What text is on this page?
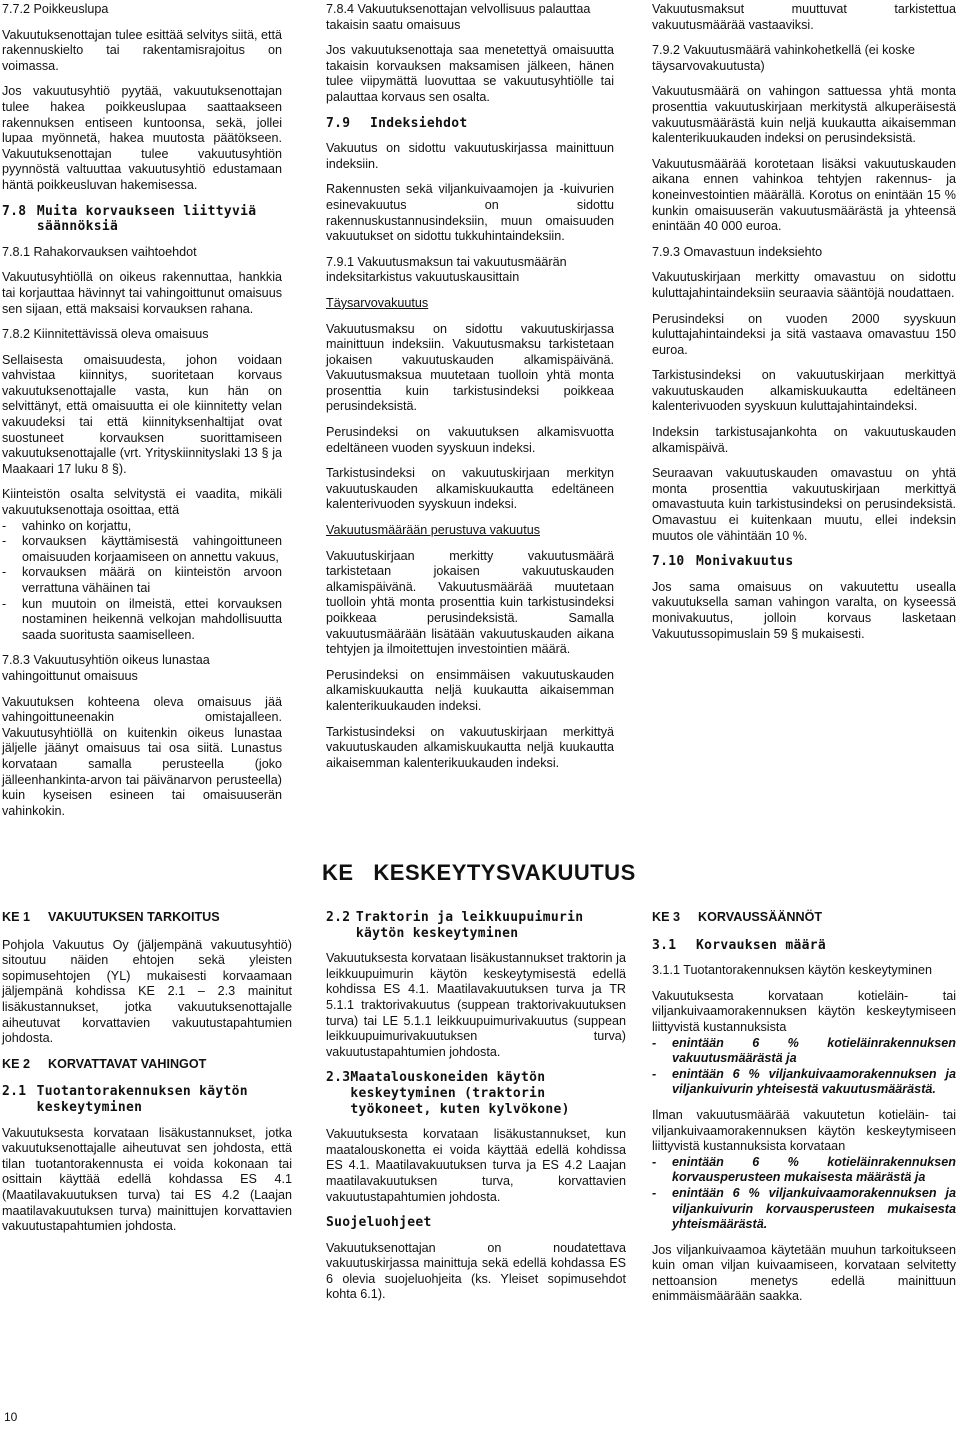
7.7.2 Poikkeuslupa

Vakuutuksenottajan tulee esittää selvitys siitä, että rakennuskielto tai rakentamisrajoitus on voimassa.

Jos vakuutusyhtiö pyytää, vakuutuksenottajan tulee hakea poikkeuslupaa saattaakseen rakennuksen entiseen kuntoonsa, sekä, jollei lupaa myönnetä, hakea muutosta päätökseen. Vakuutuksenottajan tulee vakuutusyhtiön pyynnöstä valtuuttaa vakuutusyhtiö edustamaan häntä poikkeusluvan hakemisessa.

7.8 Muita korvaukseen liittyviä säännöksiä
7.8.1 Rahakorvauksen vaihtoehdot

Vakuutusyhtiöllä on oikeus rakennuttaa, hankkia tai korjauttaa hävinnyt tai vahingoittunut omaisuus sen sijaan, että maksaisi korvauksen rahana.

7.8.2 Kiinnitettävissä oleva omaisuus

Sellaisesta omaisuudesta, johon voidaan vahvistaa kiinnitys, suoritetaan korvaus vakuutuksenottajalle vasta, kun hän on selvittänyt, että omaisuutta ei ole kiinnitetty velan vakuudeksi tai että kiinnityksenhaltijat ovat suostuneet korvauksen suorittamiseen vakuutuksenottajalle (vrt. Yrityskiinnityslaki 13 § ja Maakaari 17 luku 8 §).

Kiinteistön osalta selvitystä ei vaadita, mikäli vakuutuksenottaja osoittaa, että

- vahinko on korjattu,
- korvauksen käyttämisestä vahingoittuneen omaisuuden korjaamiseen on annettu vakuus,
- korvauksen määrä on kiinteistön arvoon verrattuna vähäinen tai
- kun muutoin on ilmeistä, ettei korvauksen nostaminen heikennä velkojan mahdollisuutta saada suoritusta saamiselleen.
7.8.3 Vakuutusyhtiön oikeus lunastaa vahingoittunut omaisuus

Vakuutuksen kohteena oleva omaisuus jää vahingoittuneenakin omistajalleen. Vakuutusyhtiöllä on kuitenkin oikeus lunastaa jäljelle jäänyt omaisuus tai osa siitä. Lunastus korvataan samalla perusteella (joko jälleenhankinta-arvon tai päivänarvon perusteella) kuin kyseisen esineen tai omaisuuserän vahinkokin.

7.8.4 Vakuutuksenottajan velvollisuus palauttaa takaisin saatu omaisuus

Jos vakuutuksenottaja saa menetettyä omaisuutta takaisin korvauksen maksamisen jälkeen, hänen tulee viipymättä luovuttaa se vakuutusyhtiölle tai palauttaa korvaus sen osalta.

7.9	Indeksiehdot

Vakuutus on sidottu vakuutuskirjassa mainittuun indeksiin.

Rakennusten sekä viljankuivaamojen ja -kuivurien esinevakuutus on sidottu rakennuskustannusindeksiin, muun omaisuuden vakuutukset on sidottu tukkuhintaindeksiin.

7.9.1 Vakuutusmaksun tai vakuutusmäärän indeksitarkistus vakuutuskausittain
Täysarvovakuutus

Vakuutusmaksu on sidottu vakuutuskirjassa mainittuun indeksiin. Vakuutusmaksu tarkistetaan jokaisen vakuutuskauden alkamispäivänä. Vakuutusmaksua muutetaan tuolloin yhtä monta prosenttia kuin tarkistusindeksi poikkeaa perusindeksistä.

Perusindeksi on vakuutuksen alkamisvuotta edeltäneen vuoden syyskuun indeksi.

Tarkistusindeksi on vakuutuskirjaan merkityn vakuutuskauden alkamiskuukautta edeltäneen kalenterivuoden syyskuun indeksi.

Vakuutusmäärään perustuva vakuutus

Vakuutuskirjaan merkitty vakuutusmäärä tarkistetaan jokaisen vakuutuskauden alkamispäivänä. Vakuutusmäärää muutetaan tuolloin yhtä monta prosenttia kuin tarkistusindeksi poikkeaa perusindeksistä. Samalla vakuutusmäärään lisätään vakuutuskauden aikana tehtyjen ja ilmoitettujen investointien määrä.

Perusindeksi on ensimmäisen vakuutuskauden alkamiskuukautta neljä kuukautta aikaisemman kalenterikuukauden indeksi.

Tarkistusindeksi on vakuutuskirjaan merkittyä vakuutuskauden alkamiskuukautta neljä kuukautta aikaisemman kalenterikuukauden indeksi.

Vakuutusmaksut muuttuvat tarkistettua vakuutusmäärää vastaaviksi.

7.9.2 Vakuutusmäärä vahinkohetkellä (ei koske täysarvovakuutusta)

Vakuutusmäärä on vahingon sattuessa yhtä monta prosenttia vakuutuskirjaan merkitystä alkuperäisestä vakuutusmäärästä kuin neljä kuukautta aikaisemman kalenterikuukauden indeksi on perusindeksistä.

Vakuutusmäärää korotetaan lisäksi vakuutuskauden aikana ennen vahinkoa tehtyjen rakennus- ja koneinvestointien määrällä. Korotus on enintään 15 % kunkin omaisuuserän vakuutusmäärästä ja yhteensä enintään 40 000 euroa.

7.9.3 Omavastuun indeksiehto

Vakuutuskirjaan merkitty omavastuu on sidottu kuluttajahintaindeksiin seuraavia sääntöjä noudattaen.

Perusindeksi on vuoden 2000 syyskuun kuluttajahintaindeksi ja sitä vastaava omavastuu 150 euroa.

Tarkistusindeksi on vakuutuskirjaan merkittyä vakuutuskauden alkamiskuukautta edeltäneen kalenterivuoden syyskuun kuluttajahintaindeksi.

Indeksin tarkistusajankohta on vakuutuskauden alkamispäivä.

Seuraavan vakuutuskauden omavastuu on yhtä monta prosenttia vakuutuskirjaan merkittyä omavastuuta kuin tarkistusindeksi on perusindeksistä. Omavastuu ei kuitenkaan muutu, ellei indeksin muutos ole vähintään 10 %.

7.10 Monivakuutus

Jos sama omaisuus on vakuutettu usealla vakuutuksella saman vahingon varalta, on kyseessä monivakuutus, jolloin korvaus lasketaan Vakuutussopimuslain 59 § mukaisesti.

KE   KESKEYTYSVAKUUTUS
KE 1	VAKUUTUKSEN TARKOITUS

Pohjola Vakuutus Oy (jäljempänä vakuutusyhtiö) sitoutuu näiden ehtojen sekä yleisten sopimusehtojen (YL) mukaisesti korvaamaan jäljempänä kohdissa KE 2.1 – 2.3 mainitut lisäkustannukset, jotka vakuutuksenottajalle aiheutuvat korvattavien vakuutustapahtumien johdosta.

KE 2	KORVATTAVAT VAHINGOT
2.1 Tuotantorakennuksen käytön keskeytyminen

Vakuutuksesta korvataan lisäkustannukset, jotka vakuutuksenottajalle aiheutuvat sen johdosta, että tilan tuotantorakennusta ei voida kokonaan tai osittain käyttää edellä kohdassa ES 4.1 (Maatilavakuutuksen turva) tai ES 4.2 (Laajan maatilavakuutuksen turva) mainittujen korvattavien vakuutustapahtumien johdosta.

2.2 Traktorin ja leikkuupuimurin käytön keskeytyminen

Vakuutuksesta korvataan lisäkustannukset traktorin ja leikkuupuimurin käytön keskeytymisestä edellä kohdissa ES 4.1. Maatilavakuutuksen turva ja TR 5.1.1 traktorivakuutus (suppean traktorivakuutuksen turva) tai LE 5.1.1 leikkuupuimurivakuutus (suppean leikkuupuimurivakuutuksen turva) vakuutustapahtumien johdosta.

2.3 Maatalouskoneiden käytön keskeytyminen (traktorin työkoneet, kuten kylvökone)

Vakuutuksesta korvataan lisäkustannukset, kun maatalouskonetta ei voida käyttää edellä kohdissa ES 4.1. Maatilavakuutuksen turva ja ES 4.2 Laajan maatilavakuutuksen turva, korvattavien vakuutustapahtumien johdosta.

Suojeluohjeet

Vakuutuksenottajan on noudatettava vakuutuskirjassa mainittuja sekä edellä kohdassa ES 6 olevia suojeluohjeita (ks. Yleiset sopimusehdot kohta 6.1).

KE 3	KORVAUSSÄÄNNÖT
3.1	Korvauksen määrä
3.1.1 Tuotantorakennuksen käytön keskeytyminen

Vakuutuksesta korvataan kotieläin- tai viljankuivaamorakennuksen käytön keskeytymiseen liittyvistä kustannuksista

- enintään 6 % kotieläinrakennuksen vakuutusmäärästä ja
- enintään 6 % viljankuivaamorakennuksen ja viljankuivurin yhteisestä vakuutusmäärästä.

Ilman vakuutusmäärää vakuutetun kotieläin- tai viljankuivaamorakennuksen käytön keskeytymiseen liittyvistä kustannuksista korvataan

- enintään 6 % kotieläinrakennuksen korvausperusteen mukaisesta määrästä ja
- enintään 6 % viljankuivaamorakennuksen ja viljankuivurin korvausperusteen mukaisesta yhteismäärästä.

Jos viljankuivaamoa käytetään muuhun tarkoitukseen kuin oman viljan kuivaamiseen, korvataan selvitetty nettoansion menetys edellä mainittuun enimmäismäärään saakka.

10
